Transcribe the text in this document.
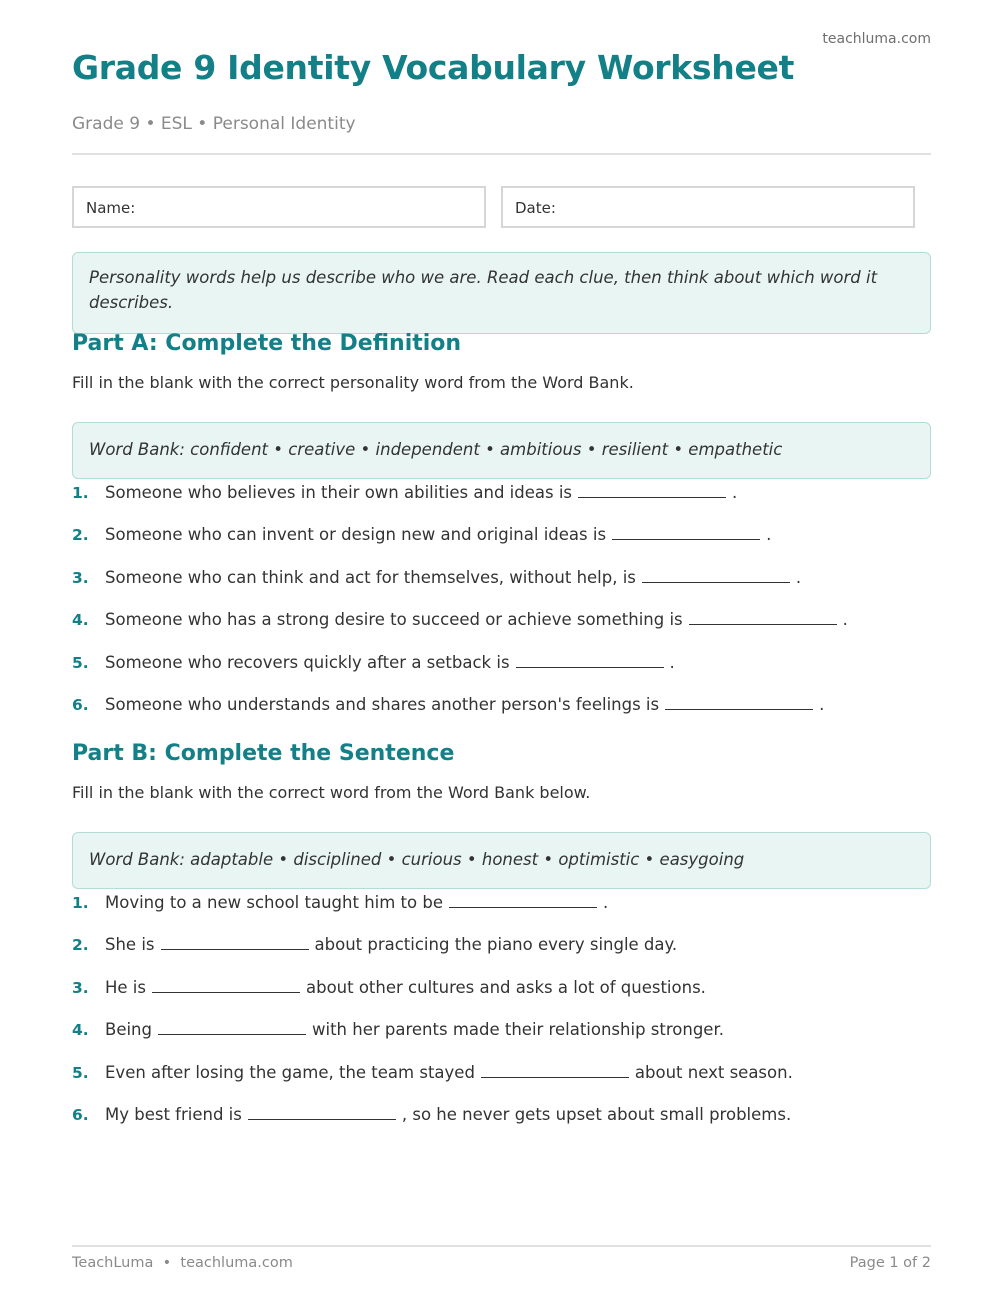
teachluma.com
Grade 9 Identity Vocabulary Worksheet
Grade 9 • ESL • Personal Identity
Name:	Date:
Personality words help us describe who we are. Read each clue, then think about which word it describes.
Part A: Complete the Definition
Fill in the blank with the correct personality word from the Word Bank.
Word Bank: confident • creative • independent • ambitious • resilient • empathetic
1. Someone who believes in their own abilities and ideas is	.
2. Someone who can invent or design new and original ideas is	.
3. Someone who can think and act for themselves, without help, is	.
4. Someone who has a strong desire to succeed or achieve something is	.
5. Someone who recovers quickly after a setback is	.
6. Someone who understands and shares another person's feelings is	.
Part B: Complete the Sentence
Fill in the blank with the correct word from the Word Bank below.
Word Bank: adaptable • disciplined • curious • honest • optimistic • easygoing
1. Moving to a new school taught him to be	.
2. She is	about practicing the piano every single day.
3. He is	about other cultures and asks a lot of questions.
4. Being	with her parents made their relationship stronger.
5. Even after losing the game, the team stayed	about next season.
6. My best friend is	, so he never gets upset about small problems.
TeachLuma • teachluma.com	Page 1 of 2
